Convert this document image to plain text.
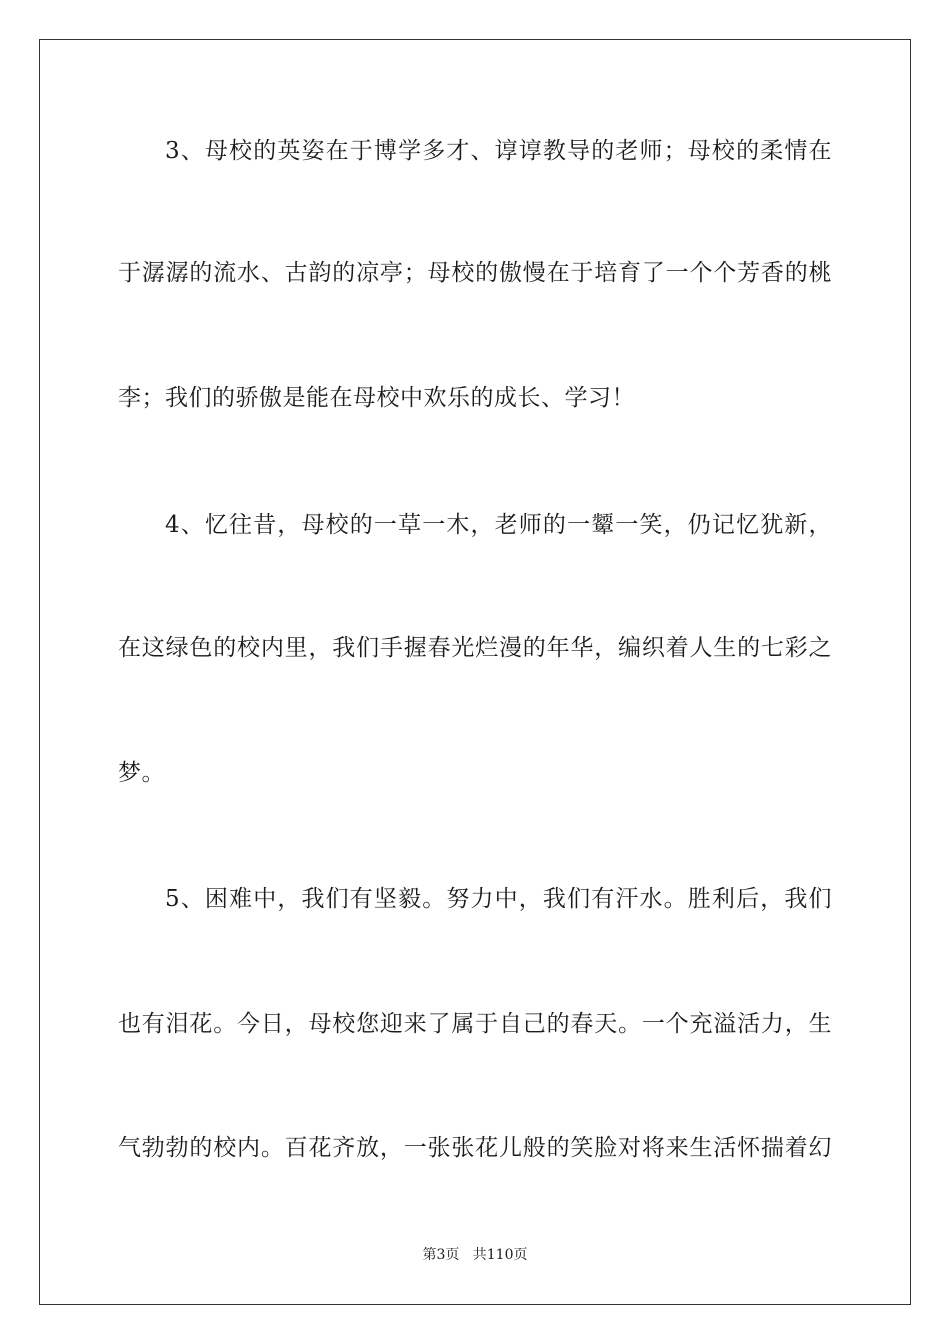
3、母校的英姿在于博学多才、谆谆教导的老师；母校的柔情在
于潺潺的流水、古韵的凉亭；母校的傲慢在于培育了一个个芳香的桃
李；我们的骄傲是能在母校中欢乐的成长、学习！
4、忆往昔，母校的一草一木，老师的一颦一笑，仍记忆犹新，
在这绿色的校内里，我们手握春光烂漫的年华，编织着人生的七彩之
梦。
5、困难中，我们有坚毅。努力中，我们有汗水。胜利后，我们
也有泪花。今日，母校您迎来了属于自己的春天。一个充溢活力，生
气勃勃的校内。百花齐放，一张张花儿般的笑脸对将来生活怀揣着幻
第3页 共110页
